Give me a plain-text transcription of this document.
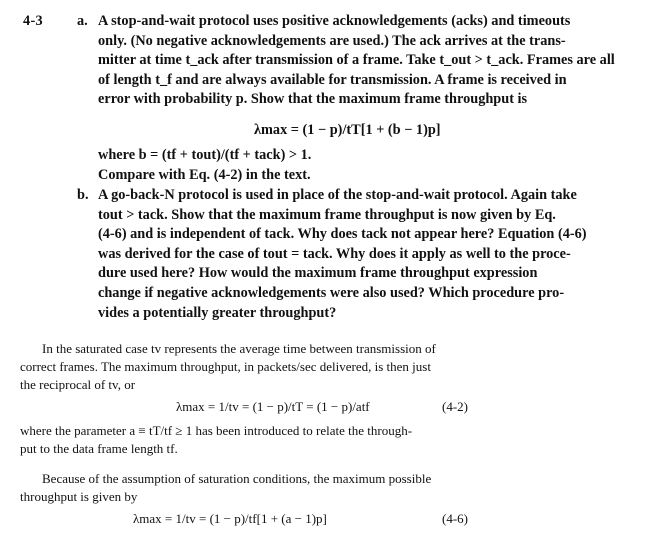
4-3 a. A stop-and-wait protocol uses positive acknowledgements (acks) and timeouts

only. (No negative acknowledgements are used.) The ack arrives at the trans-

mitter at time t_ack after transmission of a frame. Take t_out > t_ack. Frames are all

of length t_f and are always available for transmission. A frame is received in

error with probability p. Show that the maximum frame throughput is

λmax = (1 − p)/tT[1 + (b − 1)p]
where b = (tf + tout)/(tf + tack) > 1.
Compare with Eq. (4-2) in the text.
b. A go-back-N protocol is used in place of the stop-and-wait protocol. Again take

tout > tack. Show that the maximum frame throughput is now given by Eq.

(4-6) and is independent of tack. Why does tack not appear here? Equation (4-6)

was derived for the case of tout = tack. Why does it apply as well to the proce-

dure used here? How would the maximum frame throughput expression

change if negative acknowledgements were also used? Which procedure pro-

vides a potentially greater throughput?

In the saturated case tv represents the average time between transmission of
correct frames. The maximum throughput, in packets/sec delivered, is then just
the reciprocal of tv, or
λmax = 1/tv = (1 − p)/tT = (1 − p)/atf	(4-2)
where the parameter a ≡ tT/tf ≥ 1 has been introduced to relate the through-
put to the data frame length tf.
Because of the assumption of saturation conditions, the maximum possible
throughput is given by
λmax = 1/tv = (1 − p)/tf[1 + (a − 1)p]	(4-6)
